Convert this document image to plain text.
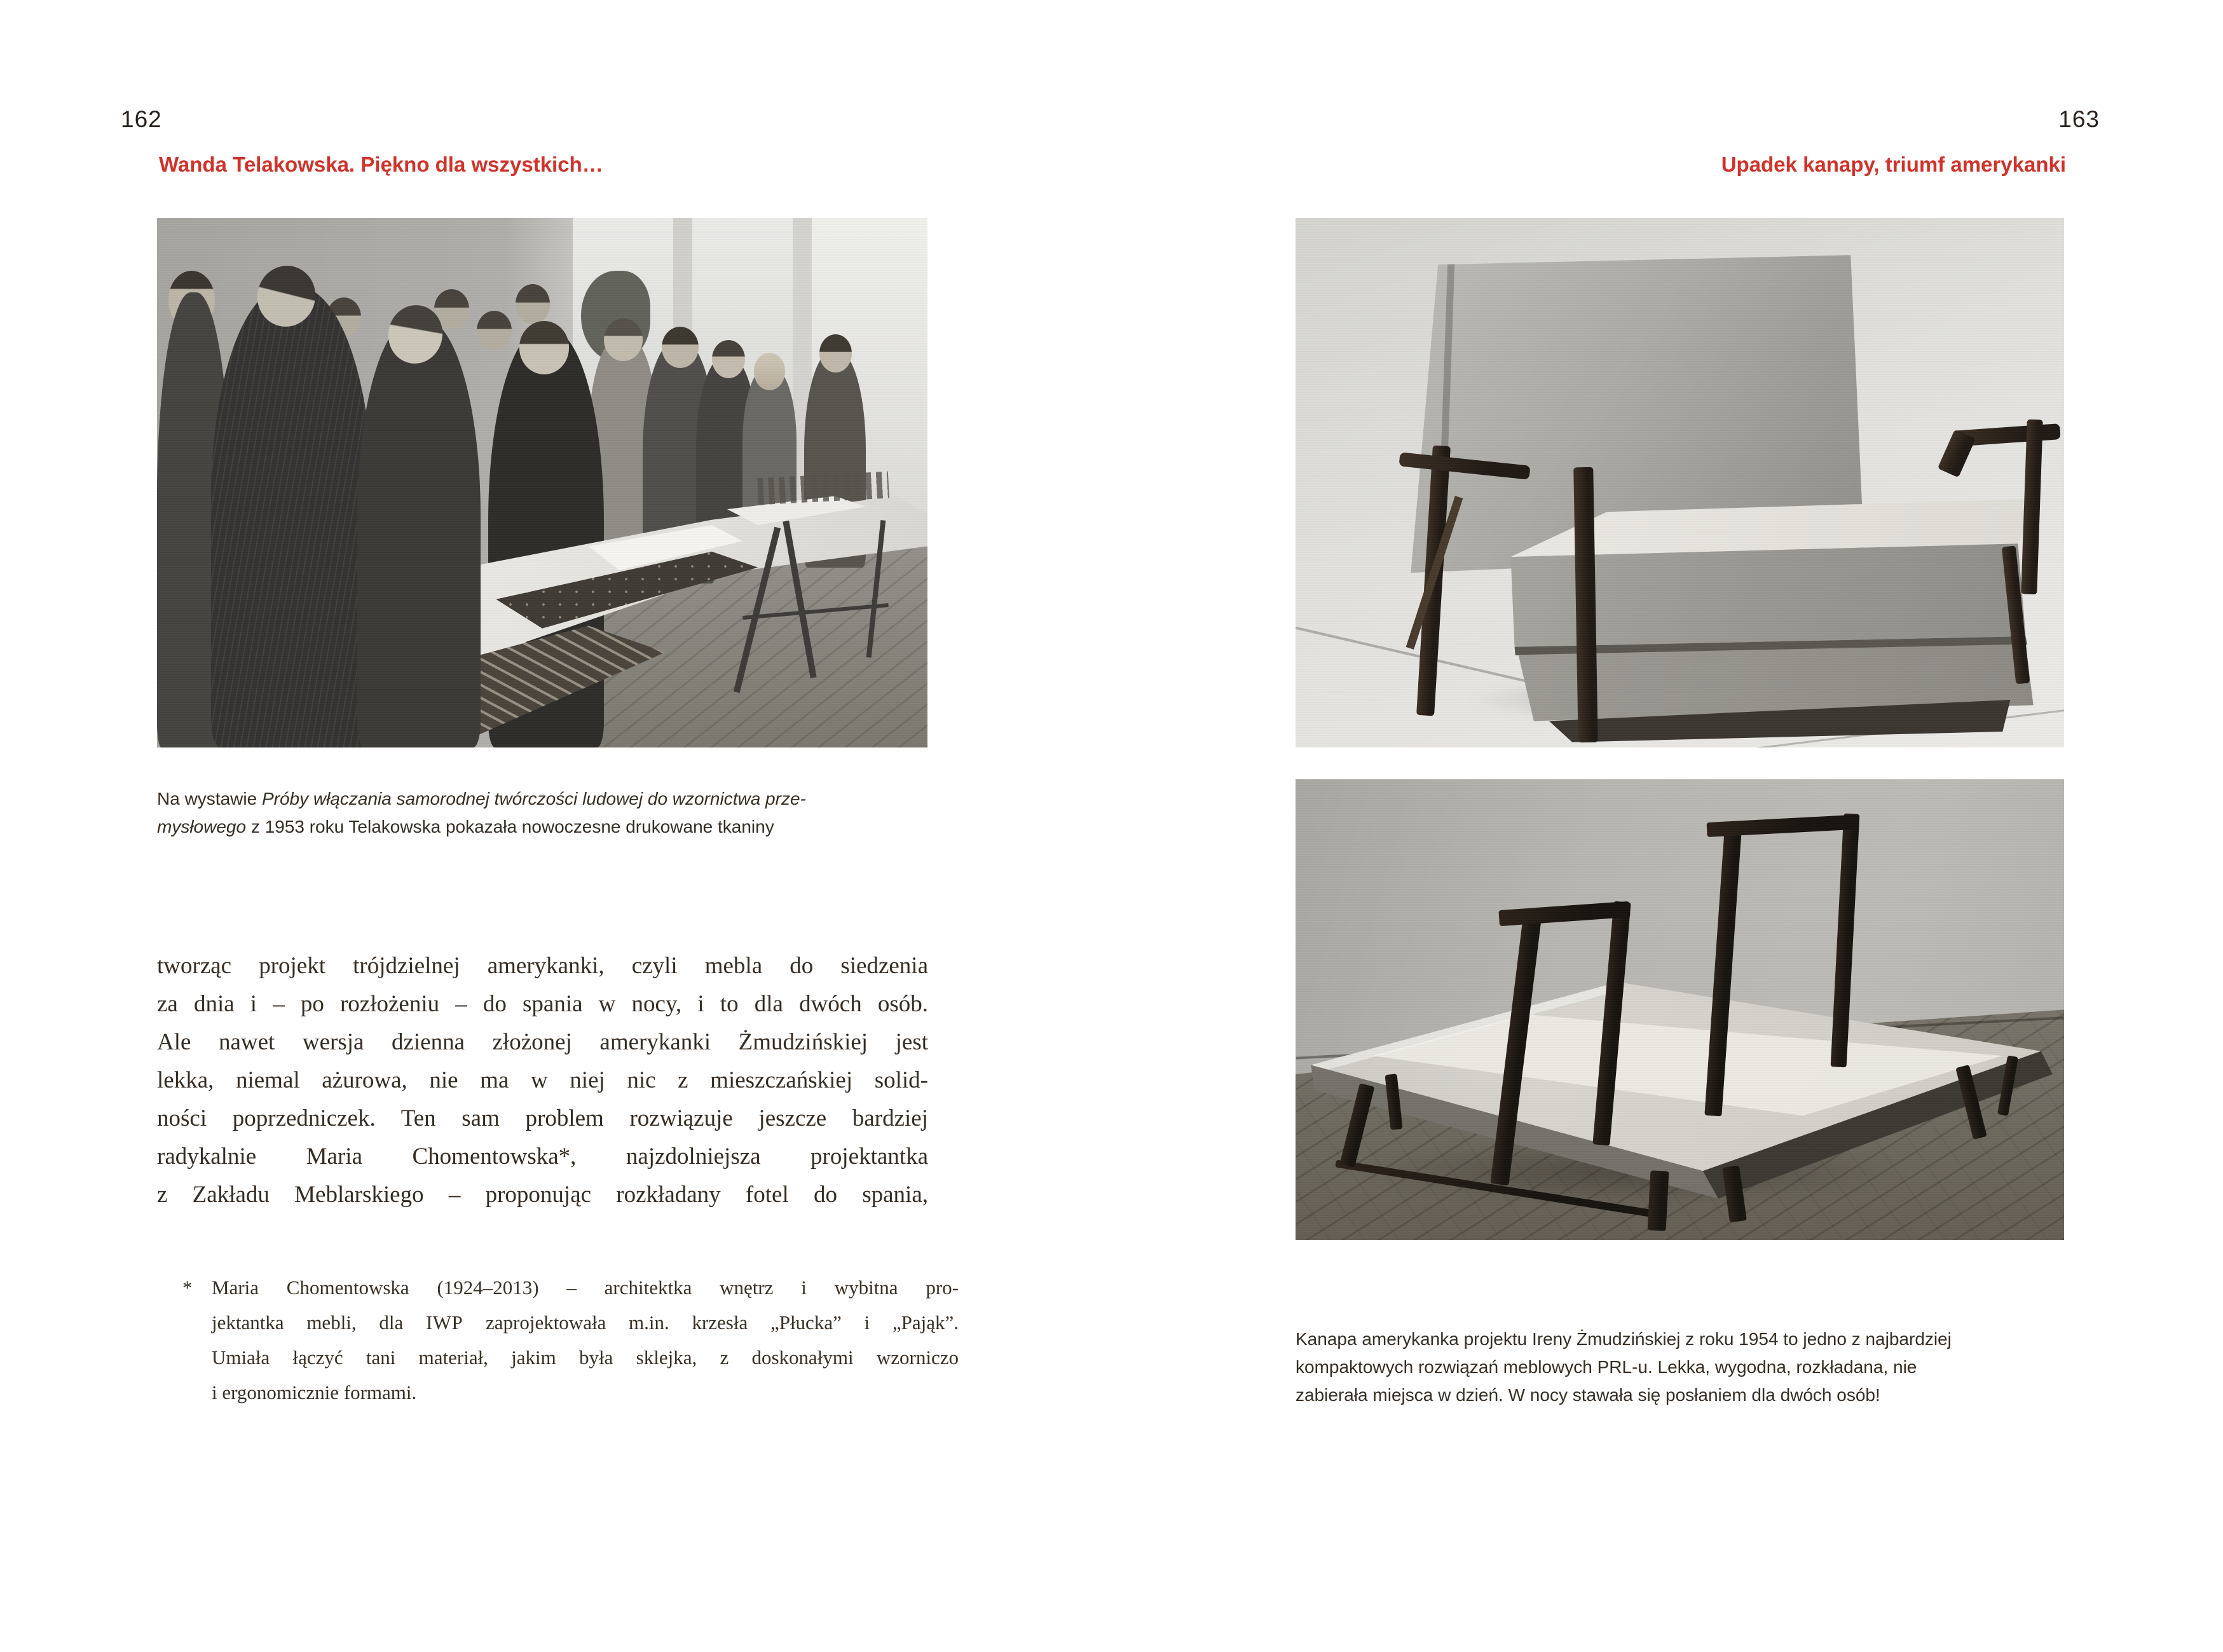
162
Wanda Telakowska. Piękno dla wszystkich…
Na wystawie Próby włączania samorodnej twórczości ludowej do wzornictwa prze-
mysłowego z 1953 roku Telakowska pokazała nowoczesne drukowane tkaniny
tworząc projekt trójdzielnej amerykanki, czyli mebla do siedzenia
za dnia i – po rozłożeniu – do spania w nocy, i to dla dwóch osób.
Ale nawet wersja dzienna złożonej amerykanki Żmudzińskiej jest
lekka, niemal ażurowa, nie ma w niej nic z mieszczańskiej solid-
ności poprzedniczek. Ten sam problem rozwiązuje jeszcze bardziej
radykalnie Maria Chomentowska*, najzdolniejsza projektantka
z Zakładu Meblarskiego – proponując rozkładany fotel do spania,
* Maria Chomentowska (1924–2013) – architektka wnętrz i wybitna pro-
jektantka mebli, dla IWP zaprojektowała m.in. krzesła „Płucka” i „Pająk”.
Umiała łączyć tani materiał, jakim była sklejka, z doskonałymi wzorniczo
i ergonomicznie formami.
163
Upadek kanapy, triumf amerykanki
Kanapa amerykanka projektu Ireny Żmudzińskiej z roku 1954 to jedno z najbardziej
kompaktowych rozwiązań meblowych PRL-u. Lekka, wygodna, rozkładana, nie
zabierała miejsca w dzień. W nocy stawała się posłaniem dla dwóch osób!
